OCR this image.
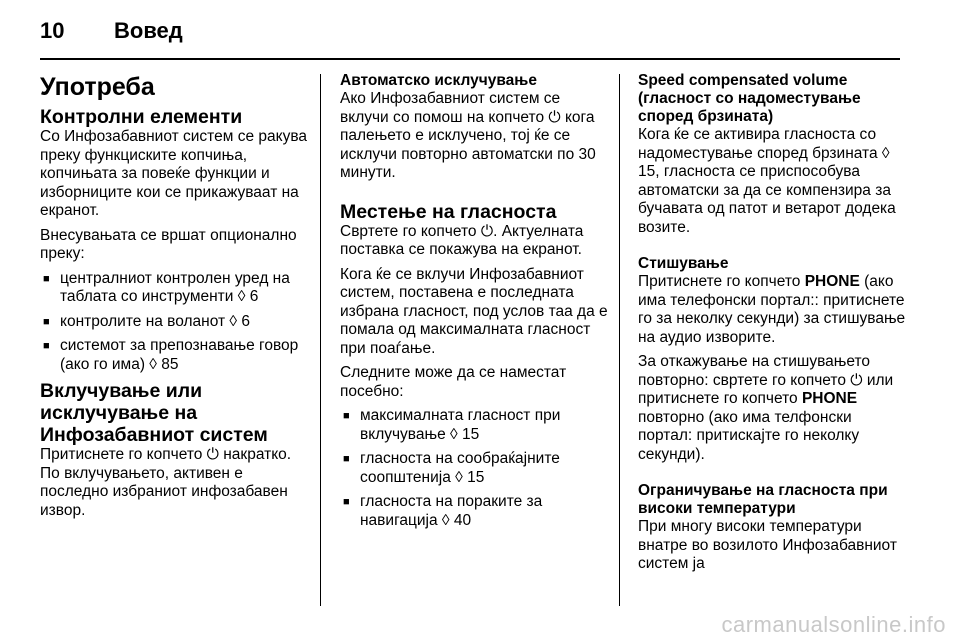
10	Вовед
Употреба
Контролни елементи

Со Инфозабавниот систем се ракува преку функциските копчиња, копчињата за повеќе функции и изборниците кои се прикажуваат на екранот.

Внесувањата се вршат опционално преку:

■ централниот контролен уред на таблата со инструменти ◊ 6
■ контролите на воланот ◊ 6
■ системот за препознавање говор (ако го има) ◊ 85
Вклучување или исклучување на Инфозабавниот систем

Притиснете го копчето ⏻ накратко. По вклучувањето, активен е последно избраниот инфозабавен извор.

Автоматско исклучување

Ако Инфозабавниот систем се вклучи со помош на копчето ⏻ кога палењето е исклучено, тој ќе се исклучи повторно автоматски по 30 минути.

Местење на гласноста

Свртете го копчето ⏻. Актуелната поставка се покажува на екранот.

Кога ќе се вклучи Инфозабавниот систем, поставена е последната избрана гласност, под услов таа да е помала од максималната гласност при поаѓање.

Следните може да се наместат посебно:

■ максималната гласност при вклучување ◊ 15
■ гласноста на сообраќајните соопштенија ◊ 15
■ гласноста на пораките за навигација ◊ 40
Speed compensated volume (гласност со надоместување според брзината)

Кога ќе се активира гласноста со надоместување според брзината ◊ 15, гласноста се приспособува автоматски за да се компензира за бучавата од патот и ветарот додека возите.

Стишување

Притиснете го копчето PHONE (ако има телефонски портал:: притиснете го за неколку секунди) за стишување на аудио изворите.

За откажување на стишувањето повторно: свртете го копчето ⏻ или притиснете го копчето PHONE повторно (ако има телфонски портал: притискајте го неколку секунди).

Ограничување на гласноста при високи температури

При многу високи температури внатре во возилото Инфозабавниот систем ја

carmanualsonline.info
